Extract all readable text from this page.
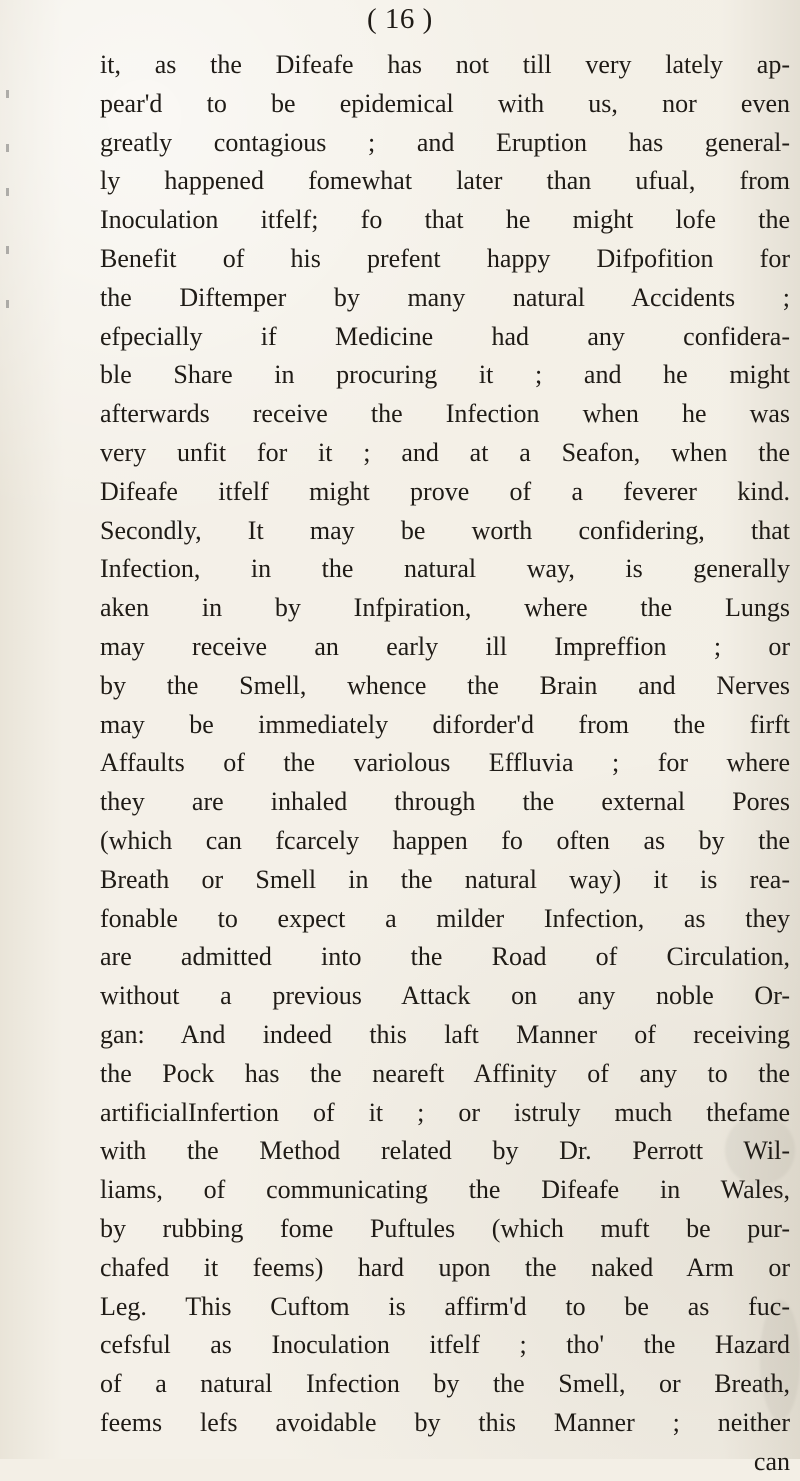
( 16 )
it, as the Difeafe has not till very lately ap-
pear'd to be epidemical with us, nor even
greatly contagious ; and Eruption has general-
ly happened fomewhat later than ufual, from
Inoculation itfelf; fo that he might lofe the
Benefit of his prefent happy Difpofition for
the Diftemper by many natural Accidents ;
efpecially if Medicine had any confidera-
ble Share in procuring it ; and he might
afterwards receive the Infection when he was
very unfit for it ; and at a Seafon, when the
Difeafe itfelf might prove of a feverer kind.
Secondly, It may be worth confidering, that
Infection, in the natural way, is generally
aken in by Infpiration, where the Lungs
may receive an early ill Impreffion ; or
by the Smell, whence the Brain and Nerves
may be immediately diforder'd from the firft
Affaults of the variolous Effluvia ; for where
they are inhaled through the external Pores
(which can fcarcely happen fo often as by the
Breath or Smell in the natural way) it is rea-
fonable to expect a milder Infection, as they
are admitted into the Road of Circulation,
without a previous Attack on any noble Or-
gan: And indeed this laft Manner of receiving
the Pock has the neareft Affinity of any to the
artificialInfertion of it ; or istruly much thefame
with the Method related by Dr. Perrott Wil-
liams, of communicating the Difeafe in Wales,
by rubbing fome Puftules (which muft be pur-
chafed it feems) hard upon the naked Arm or
Leg. This Cuftom is affirm'd to be as fuc-
cefsful as Inoculation itfelf ; tho' the Hazard
of a natural Infection by the Smell, or Breath,
feems lefs avoidable by this Manner ; neither
can
